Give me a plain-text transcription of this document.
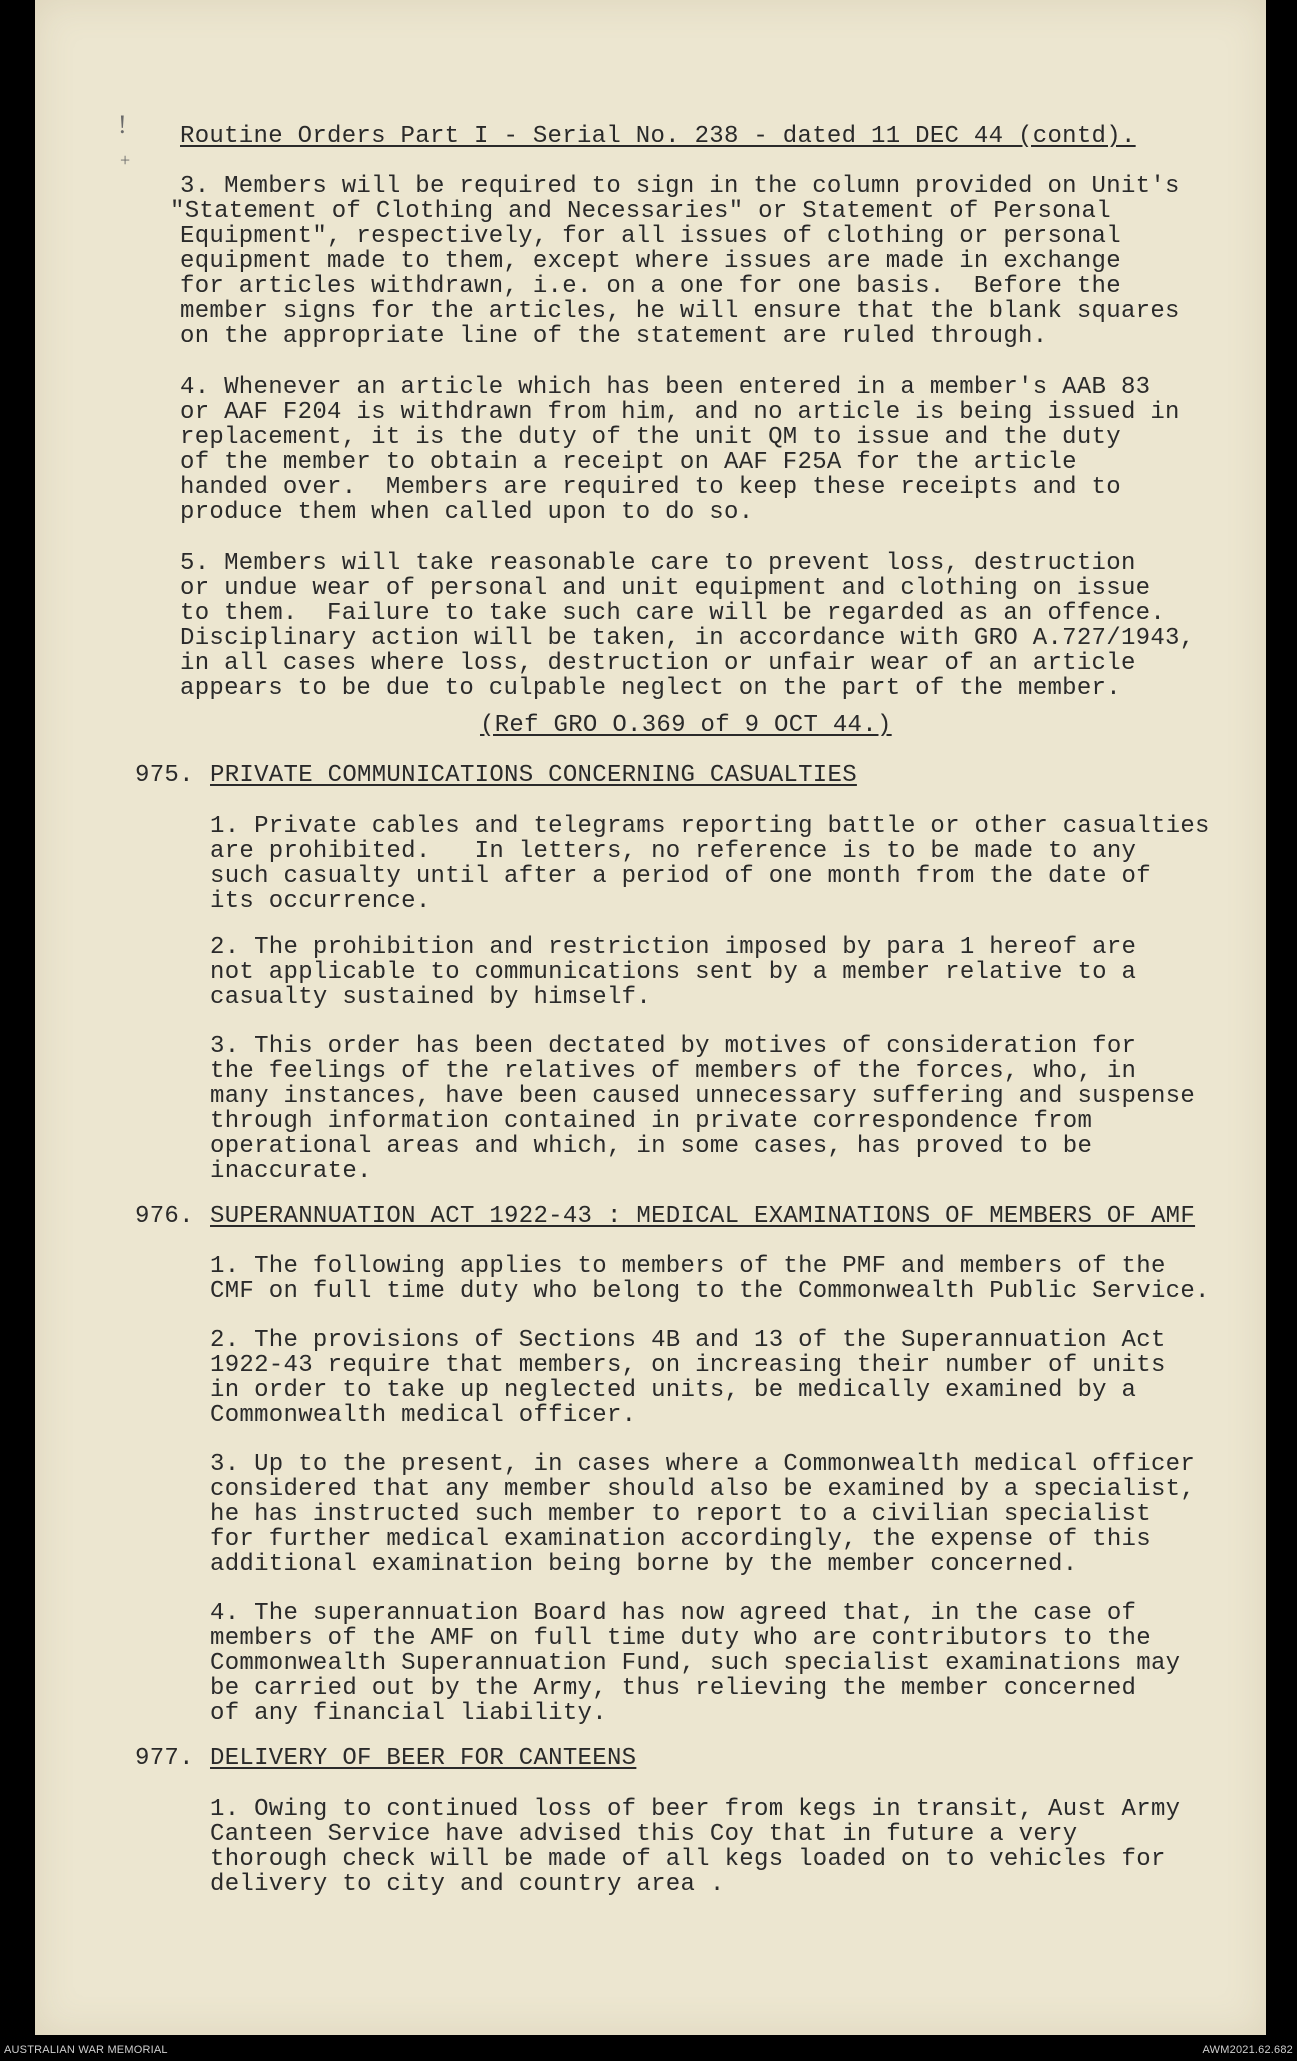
!
+
Routine Orders Part I - Serial No. 238 - dated 11 DEC 44 (contd).
3. Members will be required to sign in the column provided on Unit's
"Statement of Clothing and Necessaries" or Statement of Personal
Equipment", respectively, for all issues of clothing or personal
equipment made to them, except where issues are made in exchange
for articles withdrawn, i.e. on a one for one basis.  Before the
member signs for the articles, he will ensure that the blank squares
on the appropriate line of the statement are ruled through.
4. Whenever an article which has been entered in a member's AAB 83
or AAF F204 is withdrawn from him, and no article is being issued in
replacement, it is the duty of the unit QM to issue and the duty
of the member to obtain a receipt on AAF F25A for the article
handed over.  Members are required to keep these receipts and to
produce them when called upon to do so.
5. Members will take reasonable care to prevent loss, destruction
or undue wear of personal and unit equipment and clothing on issue
to them.  Failure to take such care will be regarded as an offence.
Disciplinary action will be taken, in accordance with GRO A.727/1943,
in all cases where loss, destruction or unfair wear of an article
appears to be due to culpable neglect on the part of the member.
(Ref GRO O.369 of 9 OCT 44.)
975. PRIVATE COMMUNICATIONS CONCERNING CASUALTIES
1. Private cables and telegrams reporting battle or other casualties
are prohibited.   In letters, no reference is to be made to any
such casualty until after a period of one month from the date of
its occurrence.
2. The prohibition and restriction imposed by para 1 hereof are
not applicable to communications sent by a member relative to a
casualty sustained by himself.
3. This order has been dectated by motives of consideration for
the feelings of the relatives of members of the forces, who, in
many instances, have been caused unnecessary suffering and suspense
through information contained in private correspondence from
operational areas and which, in some cases, has proved to be
inaccurate.
976. SUPERANNUATION ACT 1922-43 : MEDICAL EXAMINATIONS OF MEMBERS OF AMF
1. The following applies to members of the PMF and members of the
CMF on full time duty who belong to the Commonwealth Public Service.
2. The provisions of Sections 4B and 13 of the Superannuation Act
1922-43 require that members, on increasing their number of units
in order to take up neglected units, be medically examined by a
Commonwealth medical officer.
3. Up to the present, in cases where a Commonwealth medical officer
considered that any member should also be examined by a specialist,
he has instructed such member to report to a civilian specialist
for further medical examination accordingly, the expense of this
additional examination being borne by the member concerned.
4. The superannuation Board has now agreed that, in the case of
members of the AMF on full time duty who are contributors to the
Commonwealth Superannuation Fund, such specialist examinations may
be carried out by the Army, thus relieving the member concerned
of any financial liability.
977. DELIVERY OF BEER FOR CANTEENS
1. Owing to continued loss of beer from kegs in transit, Aust Army
Canteen Service have advised this Coy that in future a very
thorough check will be made of all kegs loaded on to vehicles for
delivery to city and country area .
AUSTRALIAN WAR MEMORIAL	AWM2021.62.682
